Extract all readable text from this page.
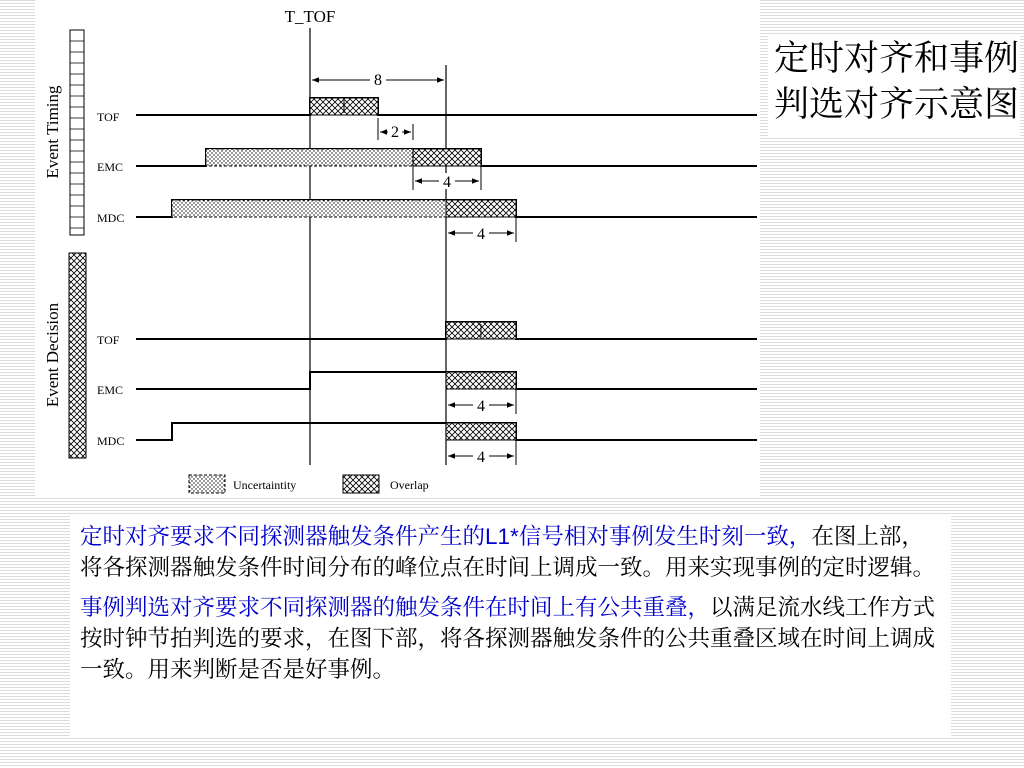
Event Timing
Event Decision
T_TOF
TOF
EMC
MDC
8
2
4
4
TOF
EMC
MDC
4
4
Uncertaintity	Overlap
定时对齐和事例判选对齐示意图

定时对齐要求不同探测器触发条件产生的L1*信号相对事例发生时刻一致，在图上部，将各探测器触发条件时间分布的峰位点在时间上调成一致。用来实现事例的定时逻辑。

事例判选对齐要求不同探测器的触发条件在时间上有公共重叠，以满足流水线工作方式按时钟节拍判选的要求，在图下部，将各探测器触发条件的公共重叠区域在时间上调成一致。用来判断是否是好事例。
